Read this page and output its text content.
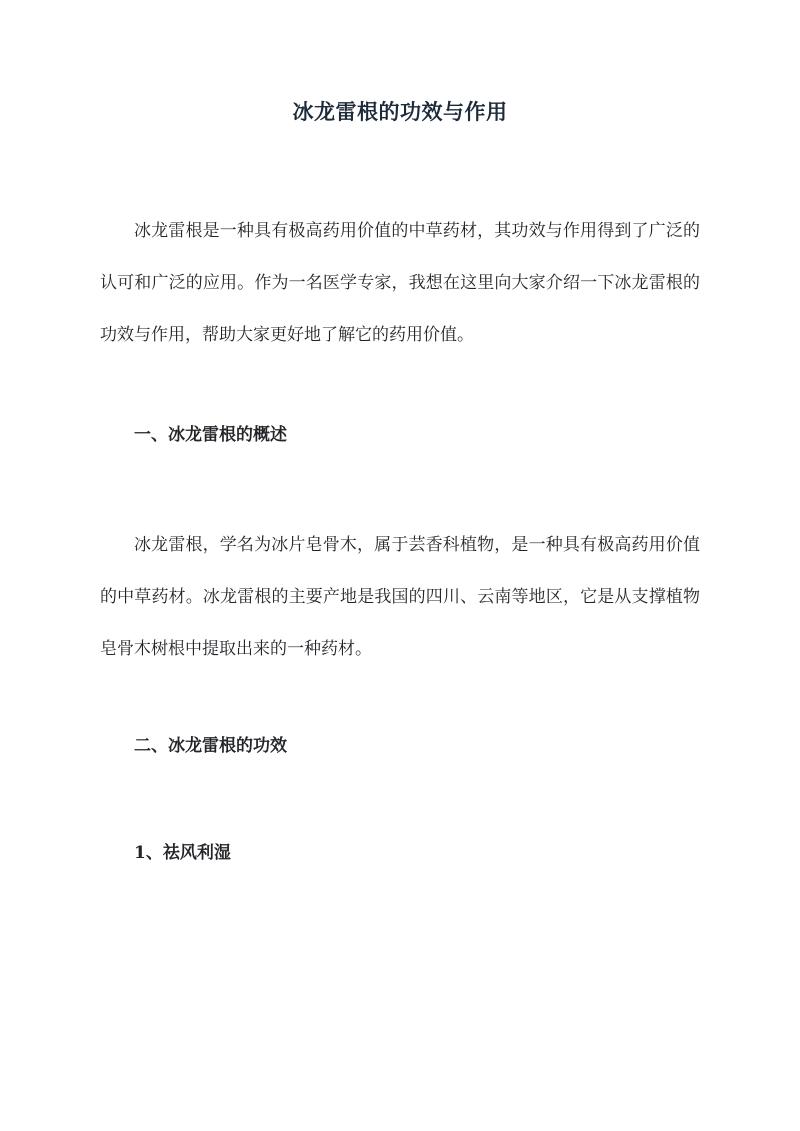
冰龙雷根的功效与作用

冰龙雷根是一种具有极高药用价值的中草药材，其功效与作用得到了广泛的认可和广泛的应用。作为一名医学专家，我想在这里向大家介绍一下冰龙雷根的功效与作用，帮助大家更好地了解它的药用价值。

一、冰龙雷根的概述

冰龙雷根，学名为冰片皂骨木，属于芸香科植物，是一种具有极高药用价值的中草药材。冰龙雷根的主要产地是我国的四川、云南等地区，它是从支撑植物皂骨木树根中提取出来的一种药材。

二、冰龙雷根的功效
1、祛风利湿
